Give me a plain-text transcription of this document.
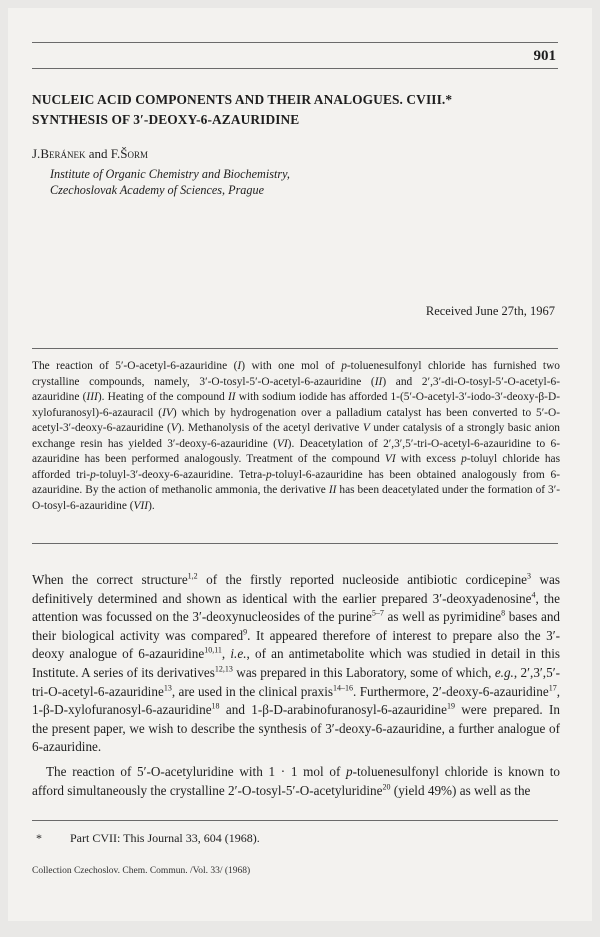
901
NUCLEIC ACID COMPONENTS AND THEIR ANALOGUES. CVIII.*
SYNTHESIS OF 3′-DEOXY-6-AZAURIDINE
J.Beránek and F.Šorm
Institute of Organic Chemistry and Biochemistry,
Czechoslovak Academy of Sciences, Prague
Received June 27th, 1967
The reaction of 5′-O-acetyl-6-azauridine (I) with one mol of p-toluenesulfonyl chloride has furnished two crystalline compounds, namely, 3′-O-tosyl-5′-O-acetyl-6-azauridine (II) and 2′,3′-di-O-tosyl-5′-O-acetyl-6-azauridine (III). Heating of the compound II with sodium iodide has afforded 1-(5′-O-acetyl-3′-iodo-3′-deoxy-β-D-xylofuranosyl)-6-azauracil (IV) which by hydrogenation over a palladium catalyst has been converted to 5′-O-acetyl-3′-deoxy-6-azauridine (V). Methanolysis of the acetyl derivative V under catalysis of a strongly basic anion exchange resin has yielded 3′-deoxy-6-azauridine (VI). Deacetylation of 2′,3′,5′-tri-O-acetyl-6-azauridine to 6-azauridine has been performed analogously. Treatment of the compound VI with excess p-toluyl chloride has afforded tri-p-toluyl-3′-deoxy-6-azauridine. Tetra-p-toluyl-6-azauridine has been obtained analogously from 6-azauridine. By the action of methanolic ammonia, the derivative II has been deacetylated under the formation of 3′-O-tosyl-6-azauridine (VII).

When the correct structure$^{1,2}$ of the firstly reported nucleoside antibiotic cordicepine$^3$ was definitively determined and shown as identical with the earlier prepared 3′-deoxyadenosine$^4$, the attention was focussed on the 3′-deoxynucleosides of the purine$^{5-7}$ as well as pyrimidine$^8$ bases and their biological activity was compared$^9$. It appeared therefore of interest to prepare also the 3′-deoxy analogue of 6-azauridine$^{10,11}$, i.e., of an antimetabolite which was studied in detail in this Institute. A series of its derivatives$^{12,13}$ was prepared in this Laboratory, some of which, e.g., 2′,3′,5′-tri-O-acetyl-6-azauridine$^{13}$, are used in the clinical praxis$^{14-16}$. Furthermore, 2′-deoxy-6-azauridine$^{17}$, 1-β-D-xylofuranosyl-6-azauridine$^{18}$ and 1-β-D-arabinofuranosyl-6-azauridine$^{19}$ were prepared. In the present paper, we wish to describe the synthesis of 3′-deoxy-6-azauridine, a further analogue of 6-azauridine.

The reaction of 5′-O-acetyluridine with 1 · 1 mol of p-toluenesulfonyl chloride is known to afford simultaneously the crystalline 2′-O-tosyl-5′-O-acetyluridine$^{20}$ (yield 49%) as well as the

* Part CVII: This Journal 33, 604 (1968).
Collection Czechoslov. Chem. Commun. /Vol. 33/ (1968)
